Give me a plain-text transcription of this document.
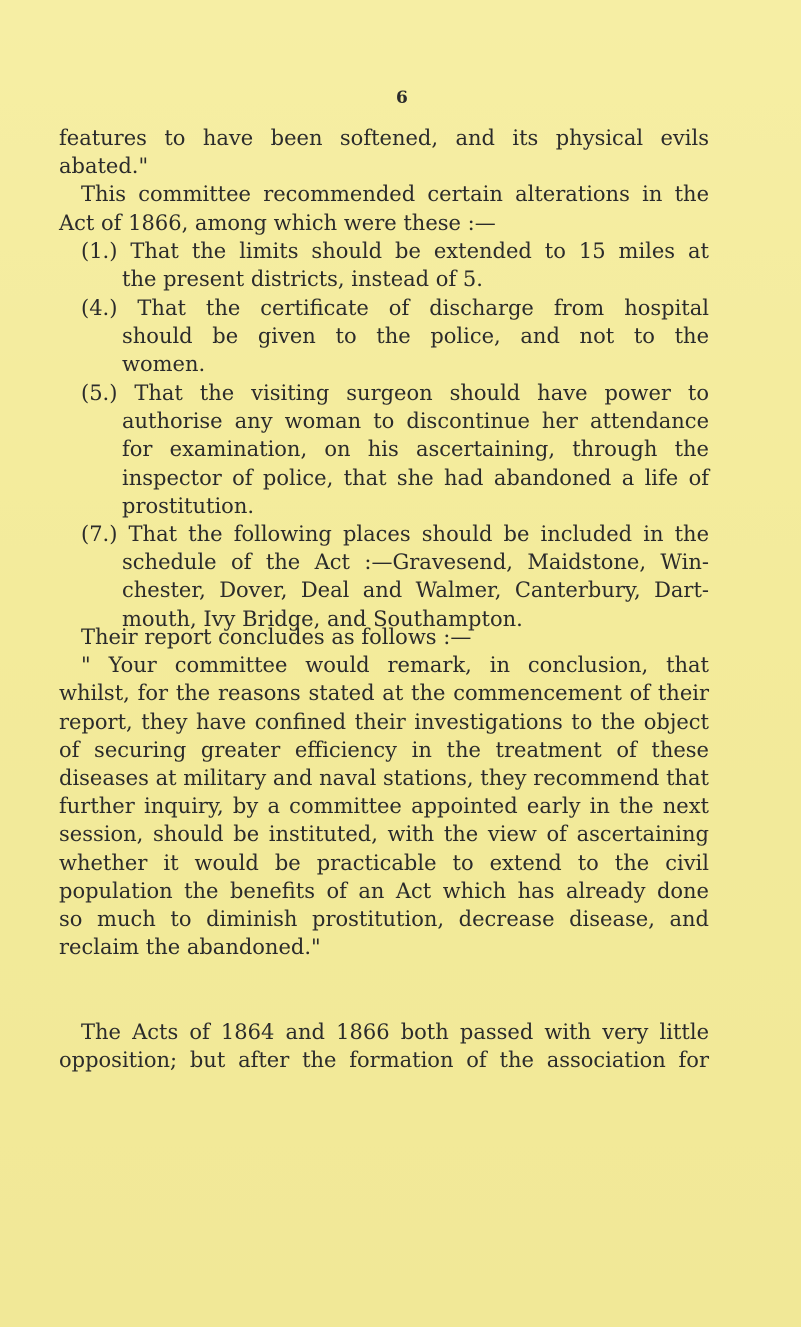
6
features to have been softened, and its physical evils
abated."
This committee recommended certain alterations in the
Act of 1866, among which were these :—
(1.) That the limits should be extended to 15 miles at
the present districts, instead of 5.
(4.) That the certificate of discharge from hospital
should be given to the police, and not to the
women.
(5.) That the visiting surgeon should have power to
authorise any woman to discontinue her attendance
for examination, on his ascertaining, through the
inspector of police, that she had abandoned a life of
prostitution.
(7.) That the following places should be included in the
schedule of the Act :—Gravesend, Maidstone, Win-
chester, Dover, Deal and Walmer, Canterbury, Dart-
mouth, Ivy Bridge, and Southampton.
Their report concludes as follows :—
" Your committee would remark, in conclusion, that
whilst, for the reasons stated at the commencement of their
report, they have confined their investigations to the object
of securing greater efficiency in the treatment of these
diseases at military and naval stations, they recommend that
further inquiry, by a committee appointed early in the next
session, should be instituted, with the view of ascertaining
whether it would be practicable to extend to the civil
population the benefits of an Act which has already done
so much to diminish prostitution, decrease disease, and
reclaim the abandoned."
The Acts of 1864 and 1866 both passed with very little
opposition; but after the formation of the association for
